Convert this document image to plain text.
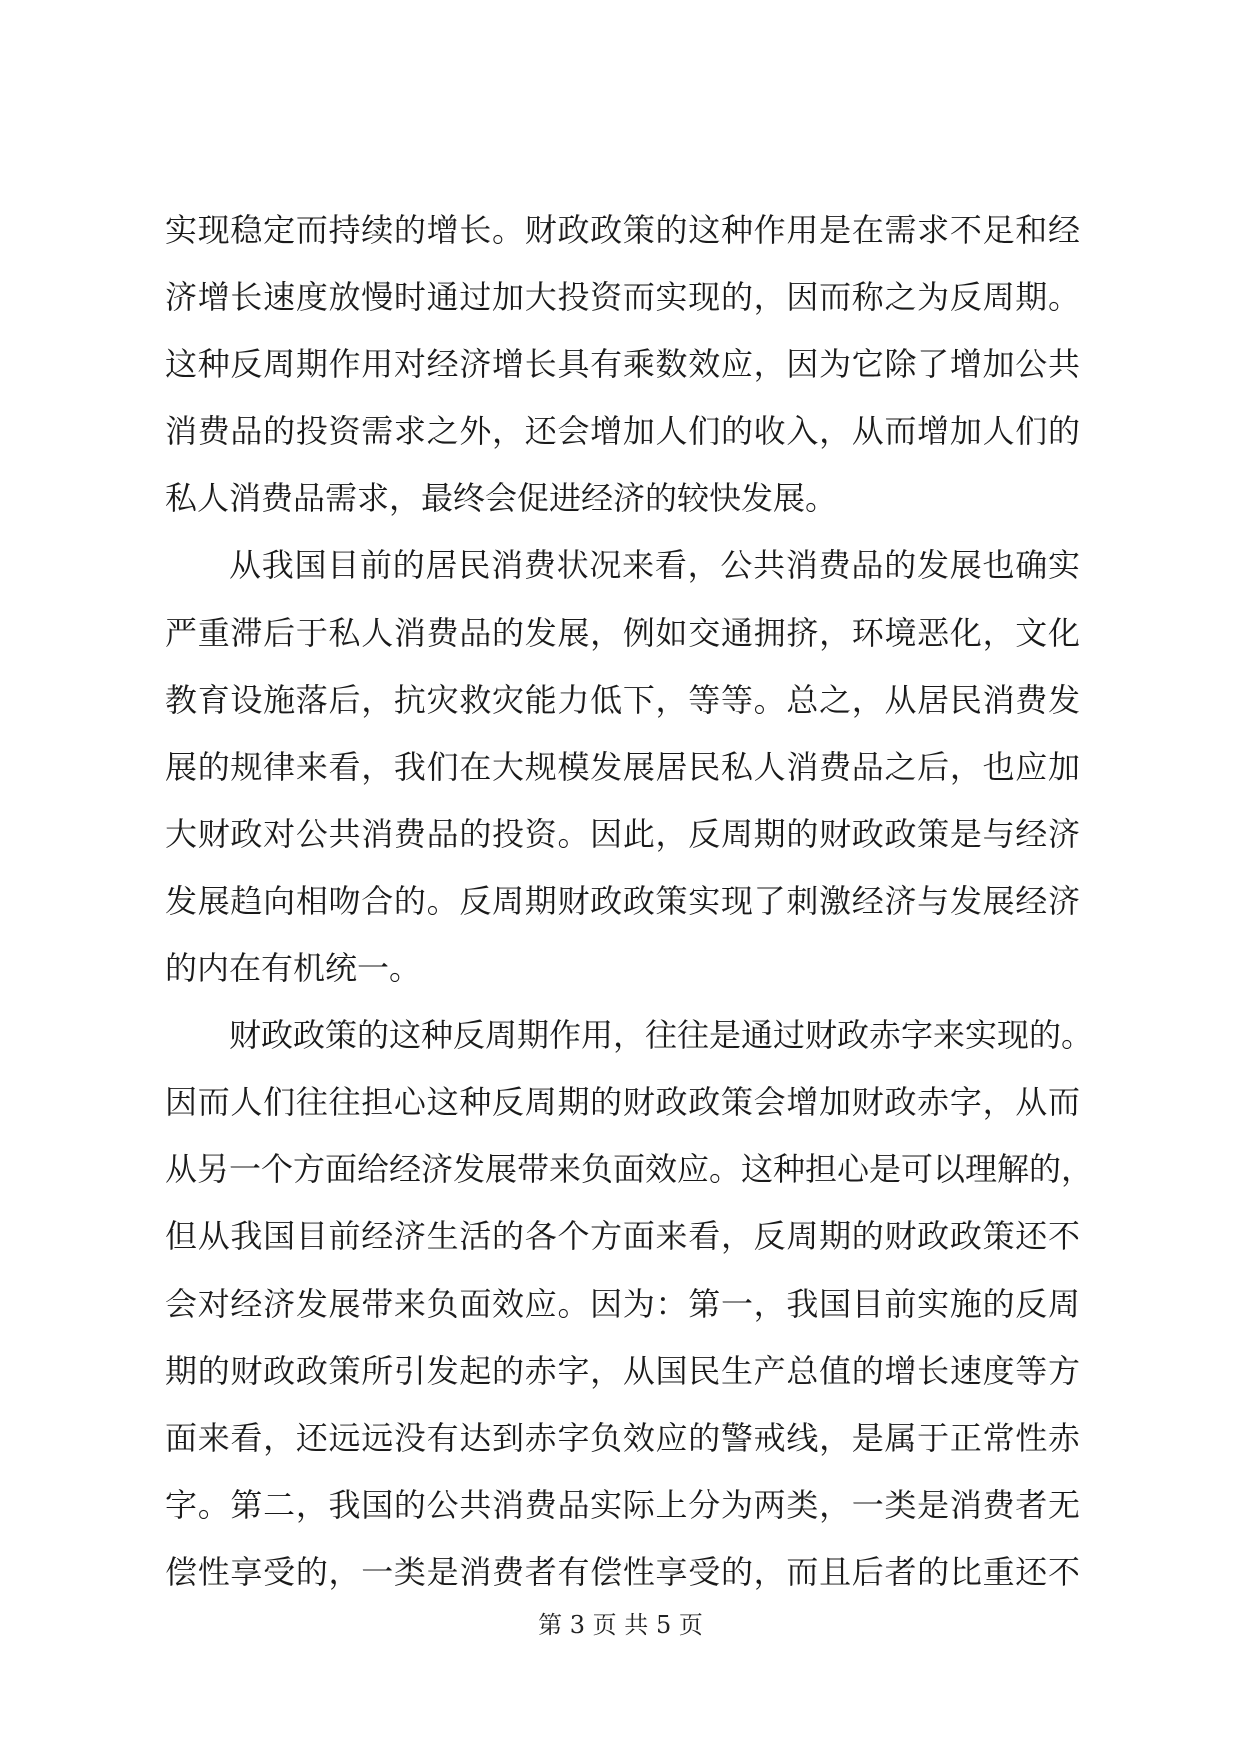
实现稳定而持续的增长。财政政策的这种作用是在需求不足和经
济增长速度放慢时通过加大投资而实现的，因而称之为反周期。
这种反周期作用对经济增长具有乘数效应，因为它除了增加公共
消费品的投资需求之外，还会增加人们的收入，从而增加人们的
私人消费品需求，最终会促进经济的较快发展。
从我国目前的居民消费状况来看，公共消费品的发展也确实
严重滞后于私人消费品的发展，例如交通拥挤，环境恶化，文化
教育设施落后，抗灾救灾能力低下，等等。总之，从居民消费发
展的规律来看，我们在大规模发展居民私人消费品之后，也应加
大财政对公共消费品的投资。因此，反周期的财政政策是与经济
发展趋向相吻合的。反周期财政政策实现了刺激经济与发展经济
的内在有机统一。
财政政策的这种反周期作用，往往是通过财政赤字来实现的。
因而人们往往担心这种反周期的财政政策会增加财政赤字，从而
从另一个方面给经济发展带来负面效应。这种担心是可以理解的，
但从我国目前经济生活的各个方面来看，反周期的财政政策还不
会对经济发展带来负面效应。因为：第一，我国目前实施的反周
期的财政政策所引发起的赤字，从国民生产总值的增长速度等方
面来看，还远远没有达到赤字负效应的警戒线，是属于正常性赤
字。第二，我国的公共消费品实际上分为两类，一类是消费者无
偿性享受的，一类是消费者有偿性享受的，而且后者的比重还不
第 3 页 共 5 页
